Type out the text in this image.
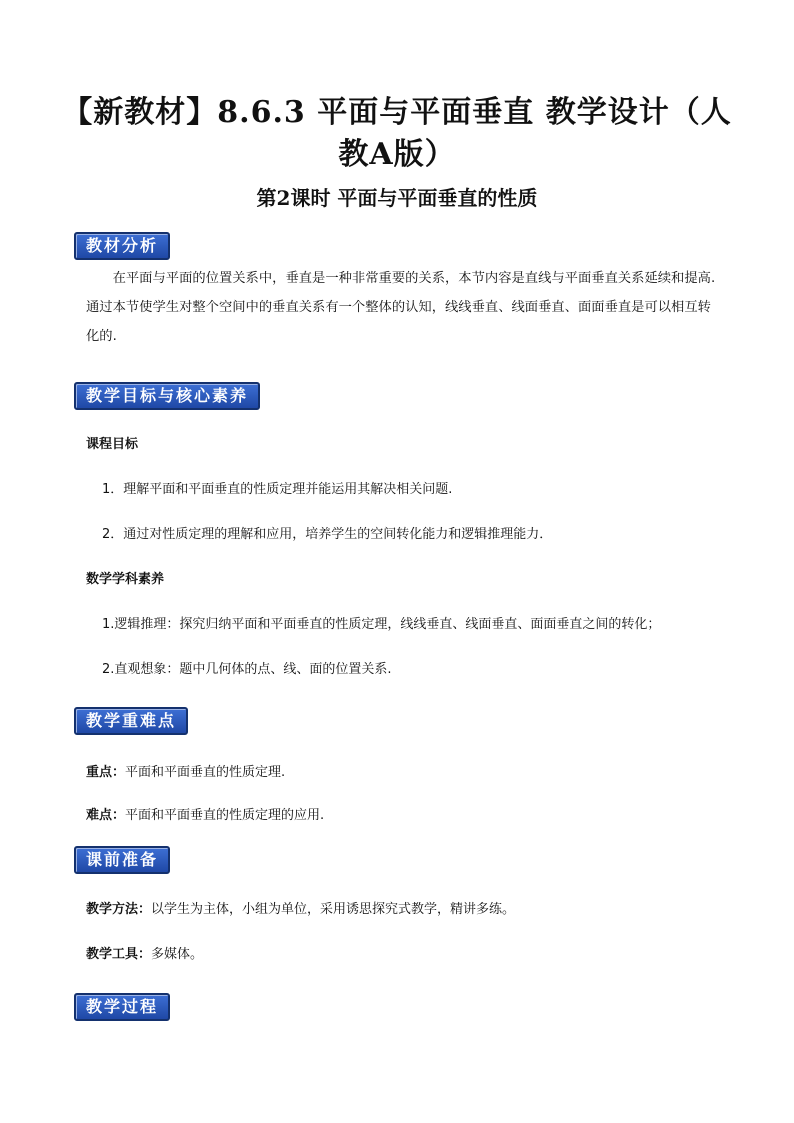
【新教材】8.6.3 平面与平面垂直 教学设计（人教A版）
第2课时 平面与平面垂直的性质
教材分析
在平面与平面的位置关系中，垂直是一种非常重要的关系，本节内容是直线与平面垂直关系延续和提高.通过本节使学生对整个空间中的垂直关系有一个整体的认知，线线垂直、线面垂直、面面垂直是可以相互转化的.
教学目标与核心素养
课程目标
1．理解平面和平面垂直的性质定理并能运用其解决相关问题.
2．通过对性质定理的理解和应用，培养学生的空间转化能力和逻辑推理能力．
数学学科素养
1.逻辑推理：探究归纳平面和平面垂直的性质定理，线线垂直、线面垂直、面面垂直之间的转化；
2.直观想象：题中几何体的点、线、面的位置关系.
教学重难点
重点：平面和平面垂直的性质定理.
难点：平面和平面垂直的性质定理的应用.
课前准备
教学方法：以学生为主体，小组为单位，采用诱思探究式教学，精讲多练。
教学工具：多媒体。
教学过程
